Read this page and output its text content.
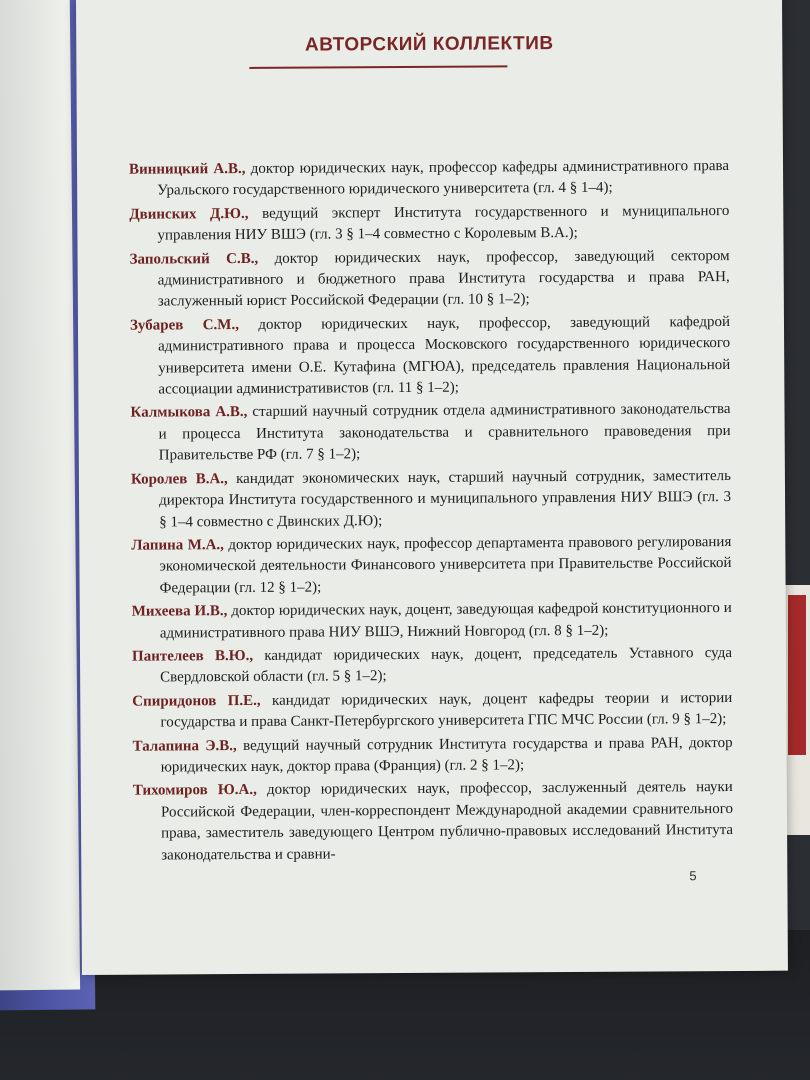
АВТОРСКИЙ КОЛЛЕКТИВ

Винницкий А.В., доктор юридических наук, профессор кафедры административного права Уральского государственного юридического университета (гл. 4 § 1–4);

Двинских Д.Ю., ведущий эксперт Института государственного и муниципального управления НИУ ВШЭ (гл. 3 § 1–4 совместно с Королевым В.А.);

Запольский С.В., доктор юридических наук, профессор, заведующий сектором административного и бюджетного права Института государства и права РАН, заслуженный юрист Российской Федерации (гл. 10 § 1–2);

Зубарев С.М., доктор юридических наук, профессор, заведующий кафедрой административного права и процесса Московского государственного юридического университета имени О.Е. Кутафина (МГЮА), председатель правления Национальной ассоциации административистов (гл. 11 § 1–2);

Калмыкова А.В., старший научный сотрудник отдела административного законодательства и процесса Института законодательства и сравнительного правоведения при Правительстве РФ (гл. 7 § 1–2);

Королев В.А., кандидат экономических наук, старший научный сотрудник, заместитель директора Института государственного и муниципального управления НИУ ВШЭ (гл. 3 § 1–4 совместно с Двинских Д.Ю);

Лапина М.А., доктор юридических наук, профессор департамента правового регулирования экономической деятельности Финансового университета при Правительстве Российской Федерации (гл. 12 § 1–2);

Михеева И.В., доктор юридических наук, доцент, заведующая кафедрой конституционного и административного права НИУ ВШЭ, Нижний Новгород (гл. 8 § 1–2);

Пантелеев В.Ю., кандидат юридических наук, доцент, председатель Уставного суда Свердловской области (гл. 5 § 1–2);

Спиридонов П.Е., кандидат юридических наук, доцент кафедры теории и истории государства и права Санкт-Петербургского университета ГПС МЧС России (гл. 9 § 1–2);

Талапина Э.В., ведущий научный сотрудник Института государства и права РАН, доктор юридических наук, доктор права (Франция) (гл. 2 § 1–2);

Тихомиров Ю.А., доктор юридических наук, профессор, заслуженный деятель науки Российской Федерации, член-корреспондент Международной академии сравнительного права, заместитель заведующего Центром публично-правовых исследований Института законодательства и сравни-

5
